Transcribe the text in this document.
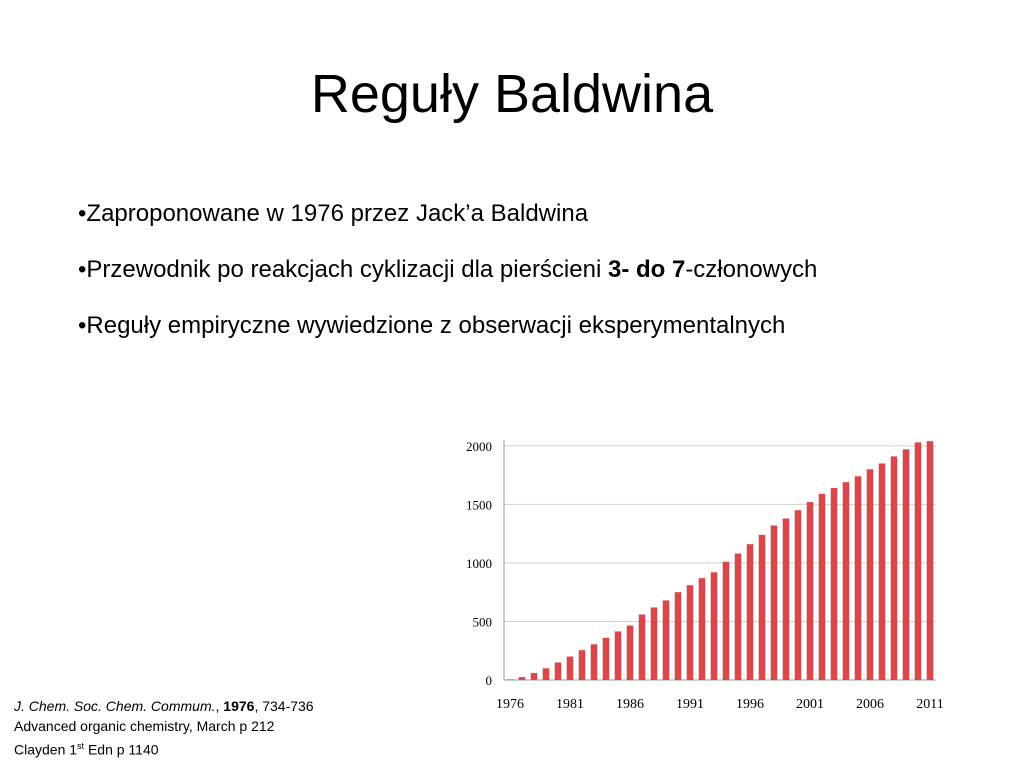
Reguły Baldwina
•Zaproponowane w 1976 przez Jack’a Baldwina
•Przewodnik po reakcjach cyklizacji dla pierścieni 3- do 7-członowych
•Reguły empiryczne wywiedzione z obserwacji eksperymentalnych
0
500
1000
1500
2000
1976 1981 1986 1991 1996 2001 2006 2011
J. Chem. Soc. Chem. Commum., 1976, 734-736
Advanced organic chemistry, March p 212
Clayden 1st Edn p 1140
